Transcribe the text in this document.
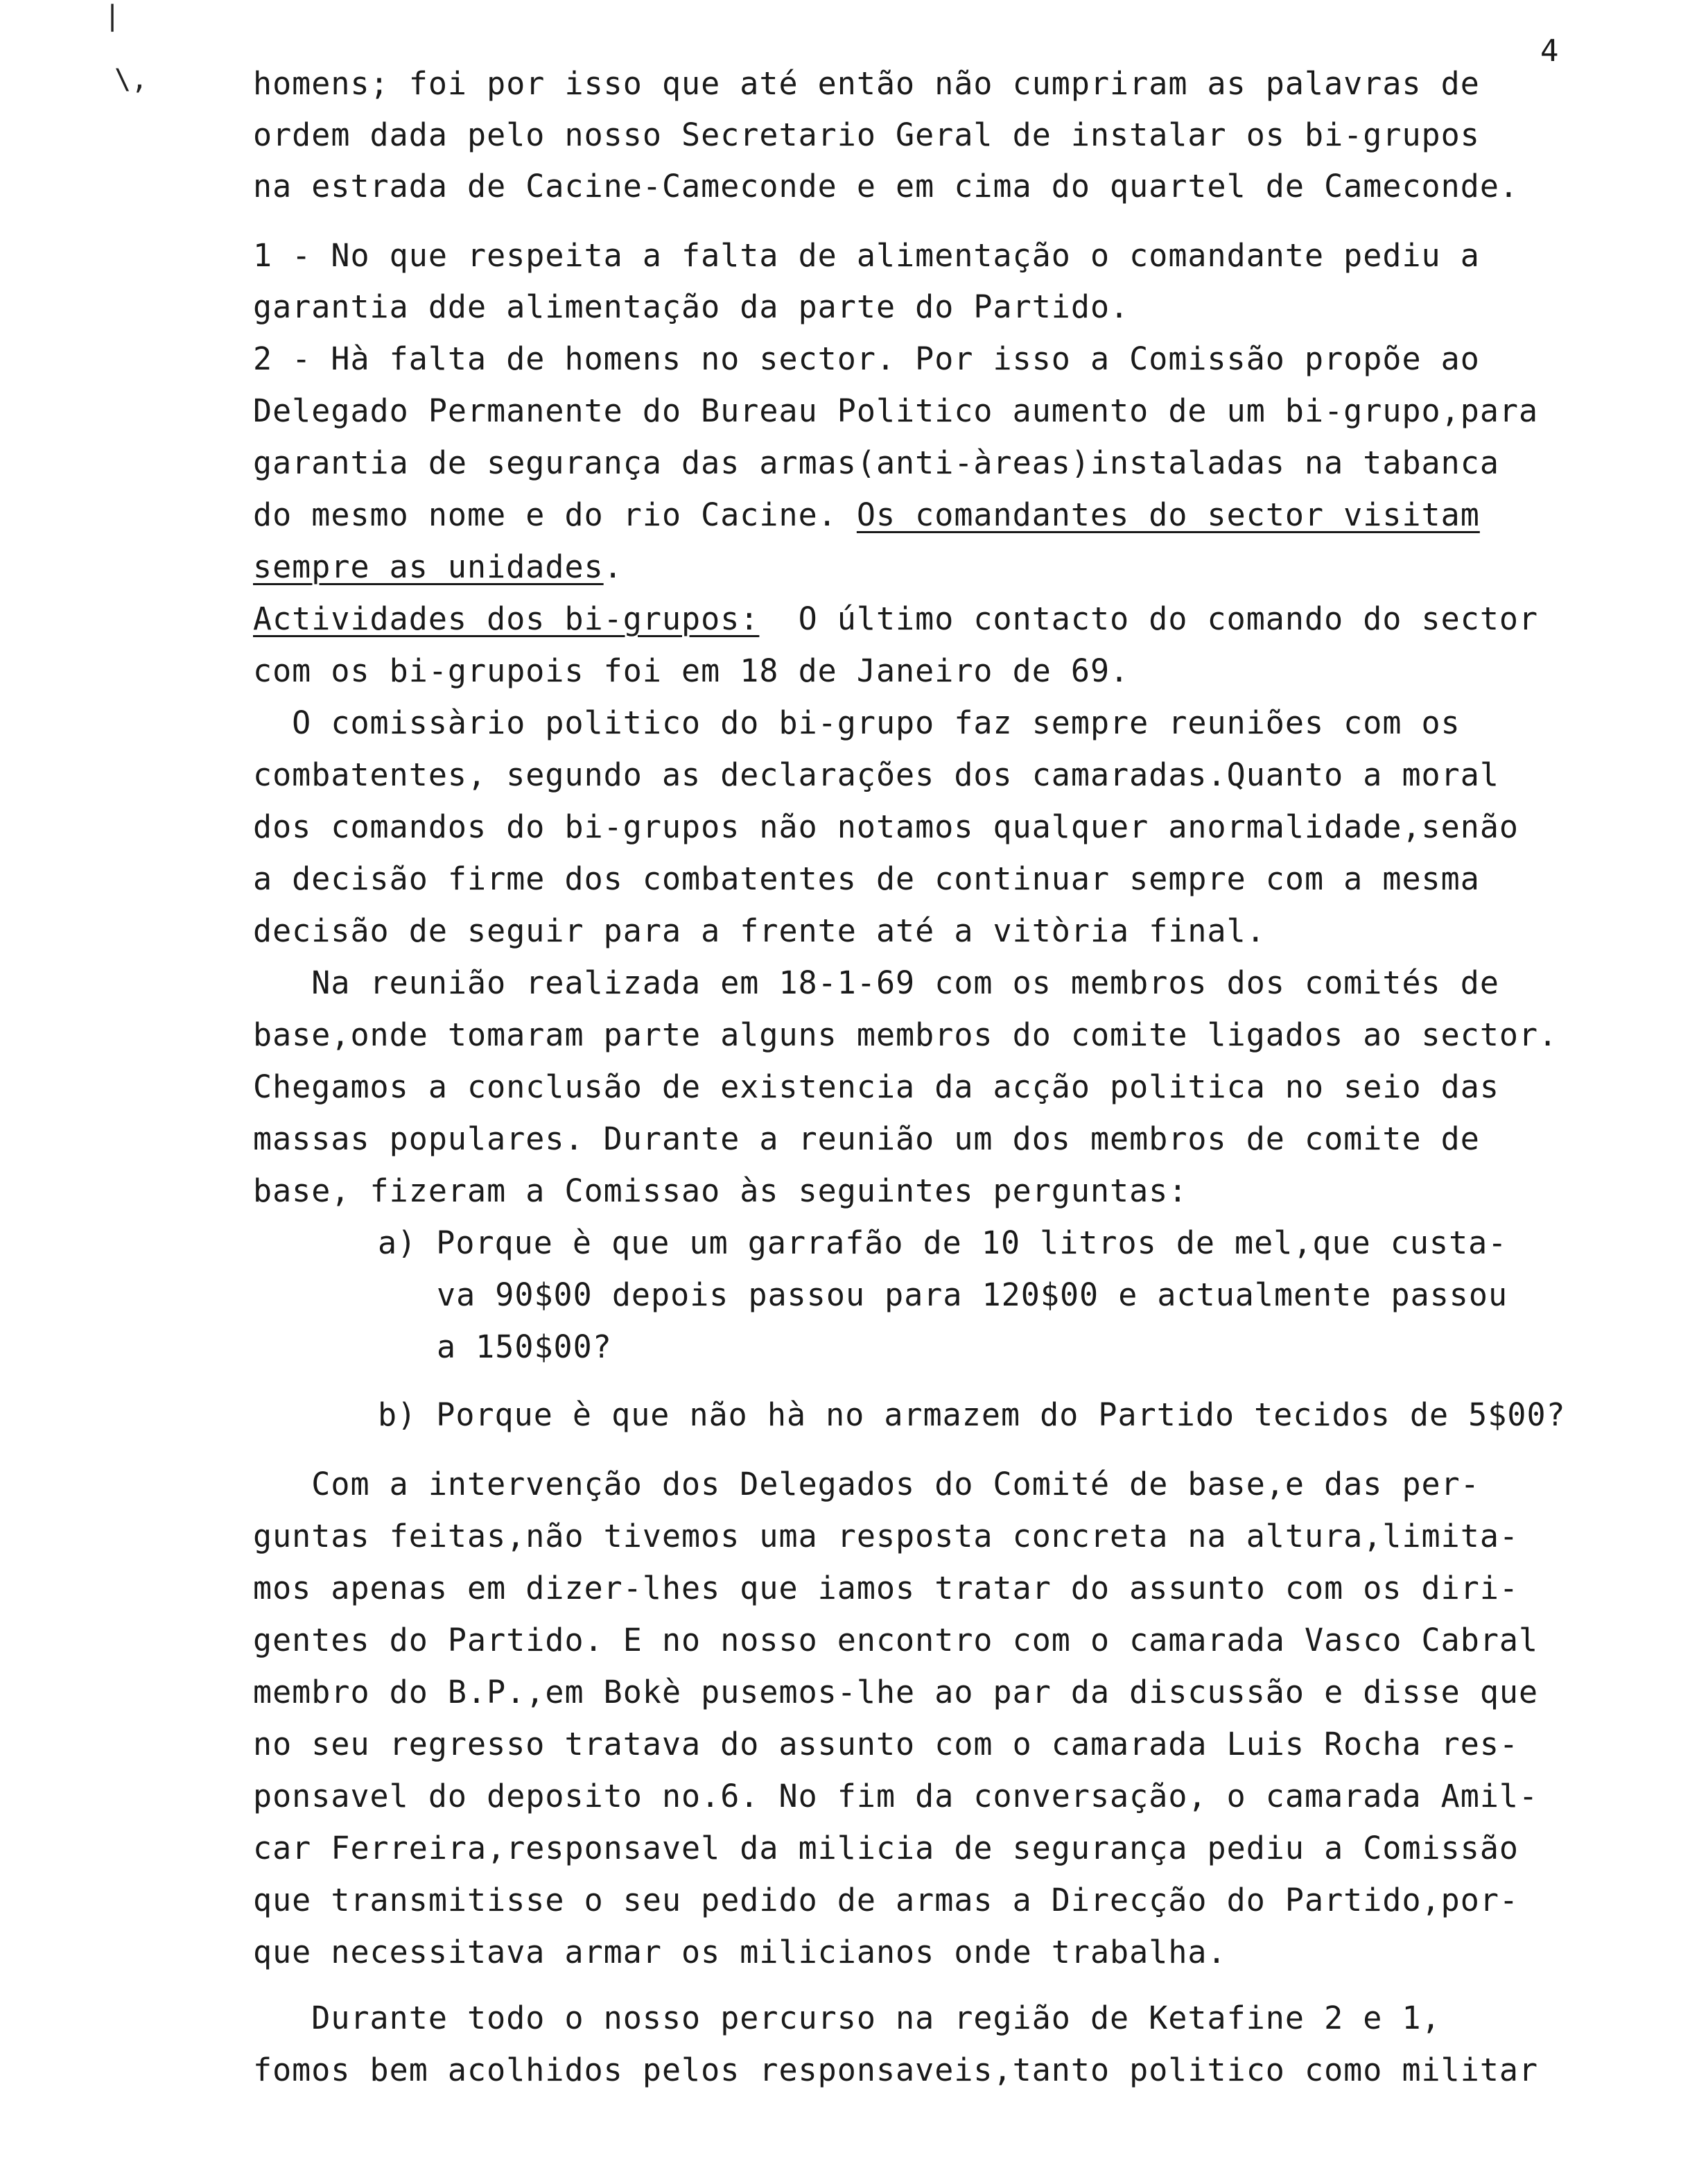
|
\,
4
homens; foi por isso que até então não cumpriram as palavras de
ordem dada pelo nosso Secretario Geral de instalar os bi-grupos
na estrada de Cacine-Cameconde e em cima do quartel de Cameconde.
1 - No que respeita a falta de alimentação o comandante pediu a
garantia dde alimentação da parte do Partido.
2 - Hà falta de homens no sector. Por isso a Comissão propõe ao
Delegado Permanente do Bureau Politico aumento de um bi-grupo,para
garantia de segurança das armas(anti-àreas)instaladas na tabanca
do mesmo nome e do rio Cacine. Os comandantes do sector visitam
sempre as unidades.
Actividades dos bi-grupos:  O último contacto do comando do sector
com os bi-grupois foi em 18 de Janeiro de 69.
O comissàrio politico do bi-grupo faz sempre reuniões com os
combatentes, segundo as declarações dos camaradas.Quanto a moral
dos comandos do bi-grupos não notamos qualquer anormalidade,senão
a decisão firme dos combatentes de continuar sempre com a mesma
decisão de seguir para a frente até a vitòria final.
Na reunião realizada em 18-1-69 com os membros dos comités de
base,onde tomaram parte alguns membros do comite ligados ao sector.
Chegamos a conclusão de existencia da acção politica no seio das
massas populares. Durante a reunião um dos membros de comite de
base, fizeram a Comissao às seguintes perguntas:
a) Porque è que um garrafão de 10 litros de mel,que custa-
va 90$00 depois passou para 120$00 e actualmente passou
a 150$00?
b) Porque è que não hà no armazem do Partido tecidos de 5$00?
Com a intervenção dos Delegados do Comité de base,e das per-
guntas feitas,não tivemos uma resposta concreta na altura,limita-
mos apenas em dizer-lhes que iamos tratar do assunto com os diri-
gentes do Partido. E no nosso encontro com o camarada Vasco Cabral
membro do B.P.,em Bokè pusemos-lhe ao par da discussão e disse que
no seu regresso tratava do assunto com o camarada Luis Rocha res-
ponsavel do deposito no.6. No fim da conversação, o camarada Amil-
car Ferreira,responsavel da milicia de segurança pediu a Comissão
que transmitisse o seu pedido de armas a Direcção do Partido,por-
que necessitava armar os milicianos onde trabalha.
Durante todo o nosso percurso na região de Ketafine 2 e 1,
fomos bem acolhidos pelos responsaveis,tanto politico como militar
